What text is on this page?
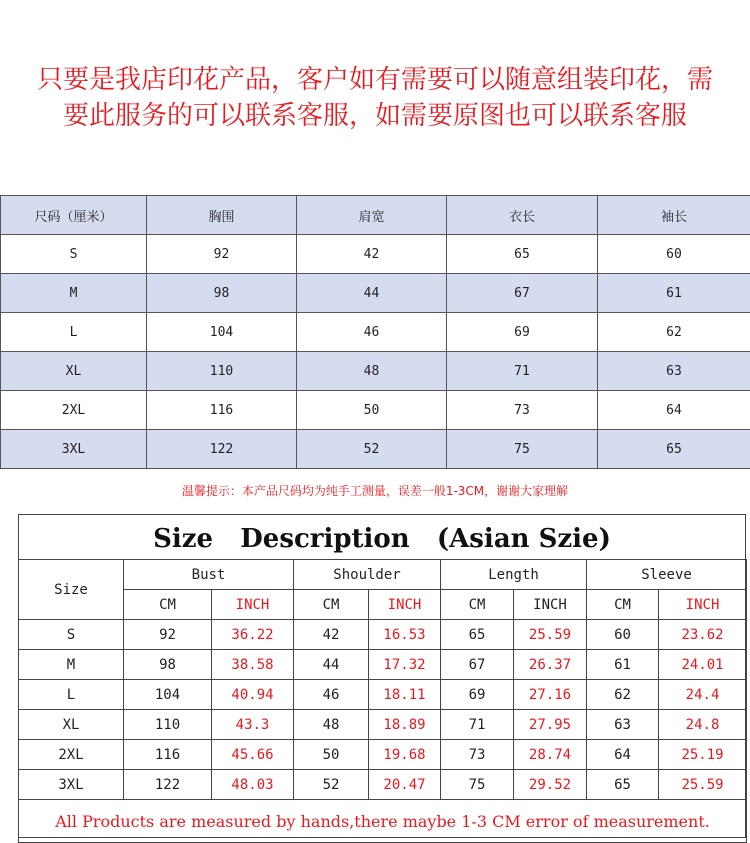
只要是我店印花产品，客户如有需要可以随意组装印花，需
要此服务的可以联系客服，如需要原图也可以联系客服
尺码（厘米）	胸围	肩宽	衣长	袖长
S	92	42	65	60
M	98	44	67	61
L	104	46	69	62
XL	110	48	71	63
2XL	116	50	73	64
3XL	122	52	75	65
温馨提示：本产品尺码均为纯手工测量，误差一般1-3CM，谢谢大家理解
Size   Description   (Asian Szie)
Size	Bust		Shoulder		Length		Sleeve	
	CM	INCH	CM	INCH	CM	INCH	CM	INCH
S	92	36.22	42	16.53	65	25.59	60	23.62
M	98	38.58	44	17.32	67	26.37	61	24.01
L	104	40.94	46	18.11	69	27.16	62	24.4
XL	110	43.3	48	18.89	71	27.95	63	24.8
2XL	116	45.66	50	19.68	73	28.74	64	25.19
3XL	122	48.03	52	20.47	75	29.52	65	25.59
All Products are measured by hands,there maybe 1-3 CM error of measurement.								
